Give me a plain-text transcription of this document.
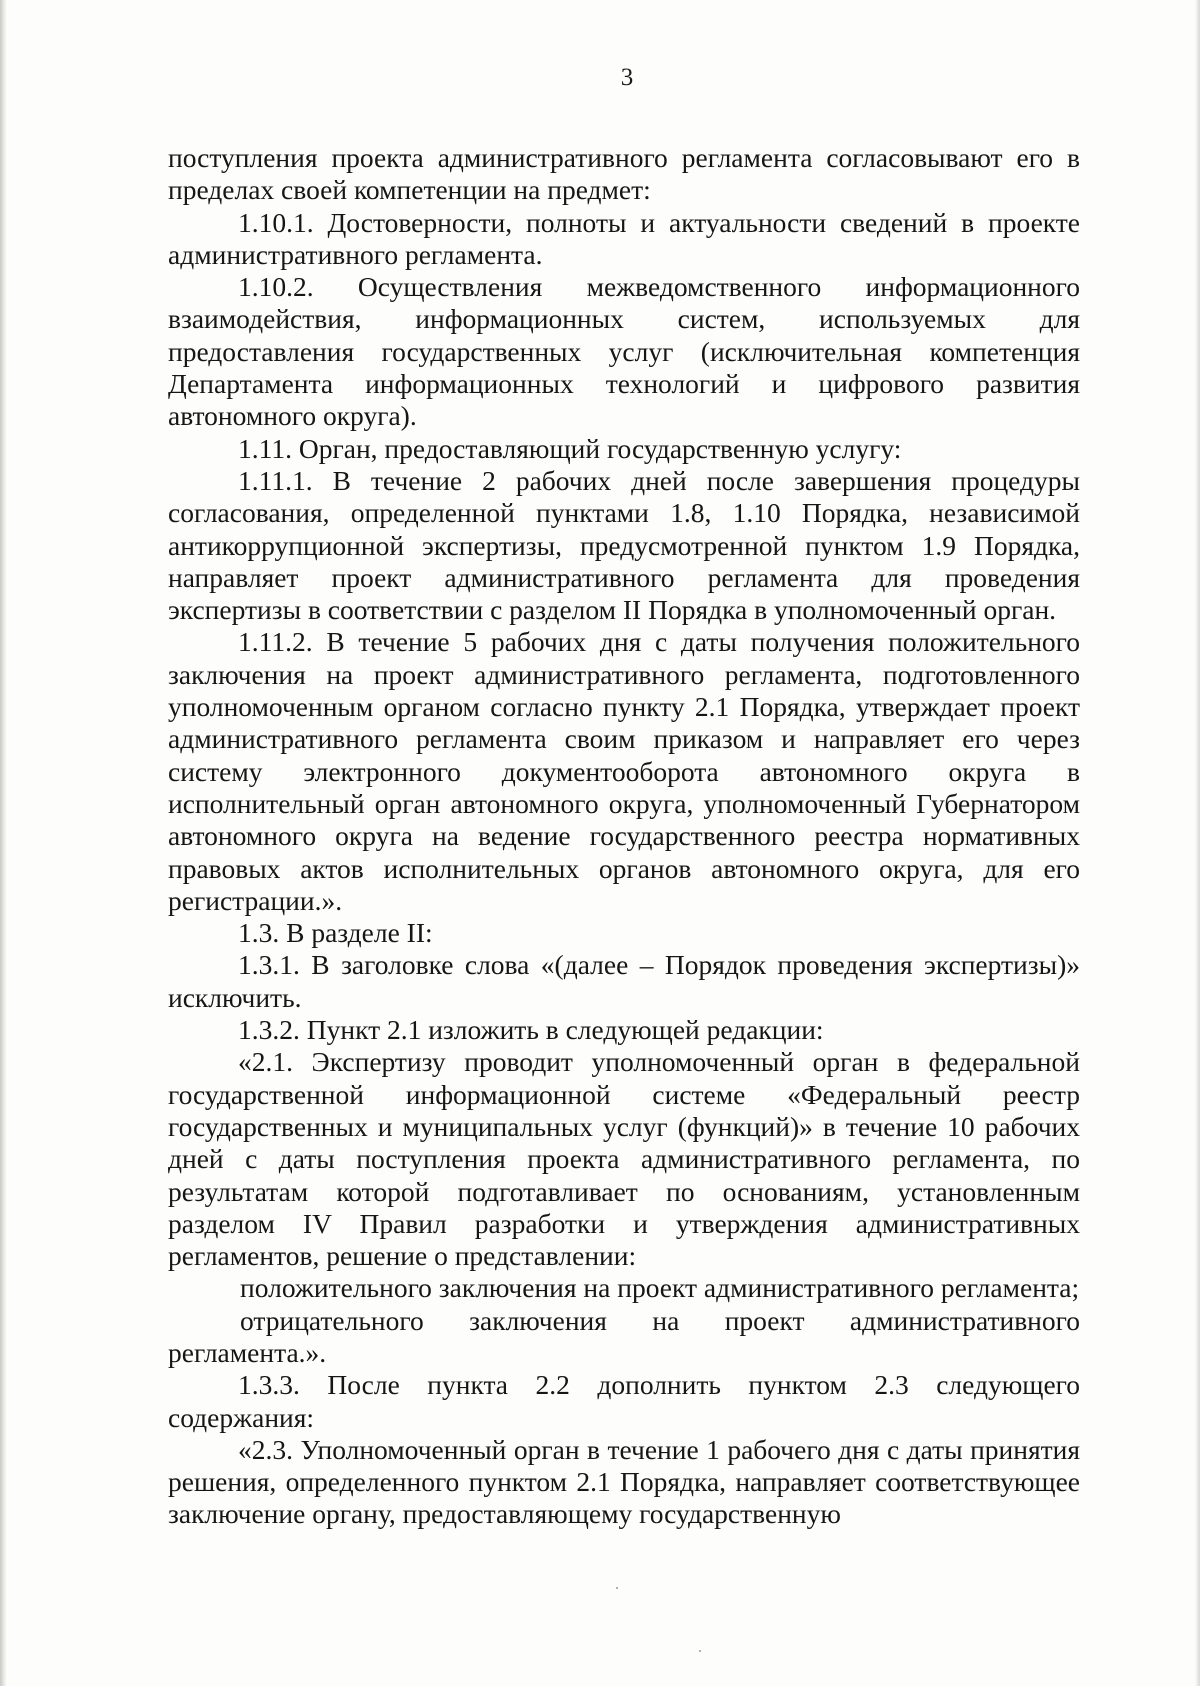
3

поступления проекта административного регламента согласовывают его в пределах своей компетенции на предмет:

1.10.1. Достоверности, полноты и актуальности сведений в проекте административного регламента.

1.10.2. Осуществления межведомственного информационного взаимодействия, информационных систем, используемых для предоставления государственных услуг (исключительная компетенция Департамента информационных технологий и цифрового развития автономного округа).

1.11. Орган, предоставляющий государственную услугу:

1.11.1. В течение 2 рабочих дней после завершения процедуры согласования, определенной пунктами 1.8, 1.10 Порядка, независимой антикоррупционной экспертизы, предусмотренной пунктом 1.9 Порядка, направляет проект административного регламента для проведения экспертизы в соответствии с разделом II Порядка в уполномоченный орган.

1.11.2. В течение 5 рабочих дня с даты получения положительного заключения на проект административного регламента, подготовленного уполномоченным органом согласно пункту 2.1 Порядка, утверждает проект административного регламента своим приказом и направляет его через систему электронного документооборота автономного округа в исполнительный орган автономного округа, уполномоченный Губернатором автономного округа на ведение государственного реестра нормативных правовых актов исполнительных органов автономного округа, для его регистрации.».

1.3. В разделе II:

1.3.1. В заголовке слова «(далее – Порядок проведения экспертизы)» исключить.

1.3.2. Пункт 2.1 изложить в следующей редакции:

«2.1. Экспертизу проводит уполномоченный орган в федеральной государственной информационной системе «Федеральный реестр государственных и муниципальных услуг (функций)» в течение 10 рабочих дней с даты поступления проекта административного регламента, по результатам которой подготавливает по основаниям, установленным разделом IV Правил разработки и утверждения административных регламентов, решение о представлении:

положительного заключения на проект административного регламента;

отрицательного заключения на проект административного регламента.».

1.3.3. После пункта 2.2 дополнить пунктом 2.3 следующего содержания:

«2.3. Уполномоченный орган в течение 1 рабочего дня с даты принятия решения, определенного пунктом 2.1 Порядка, направляет соответствующее заключение органу, предоставляющему государственную
